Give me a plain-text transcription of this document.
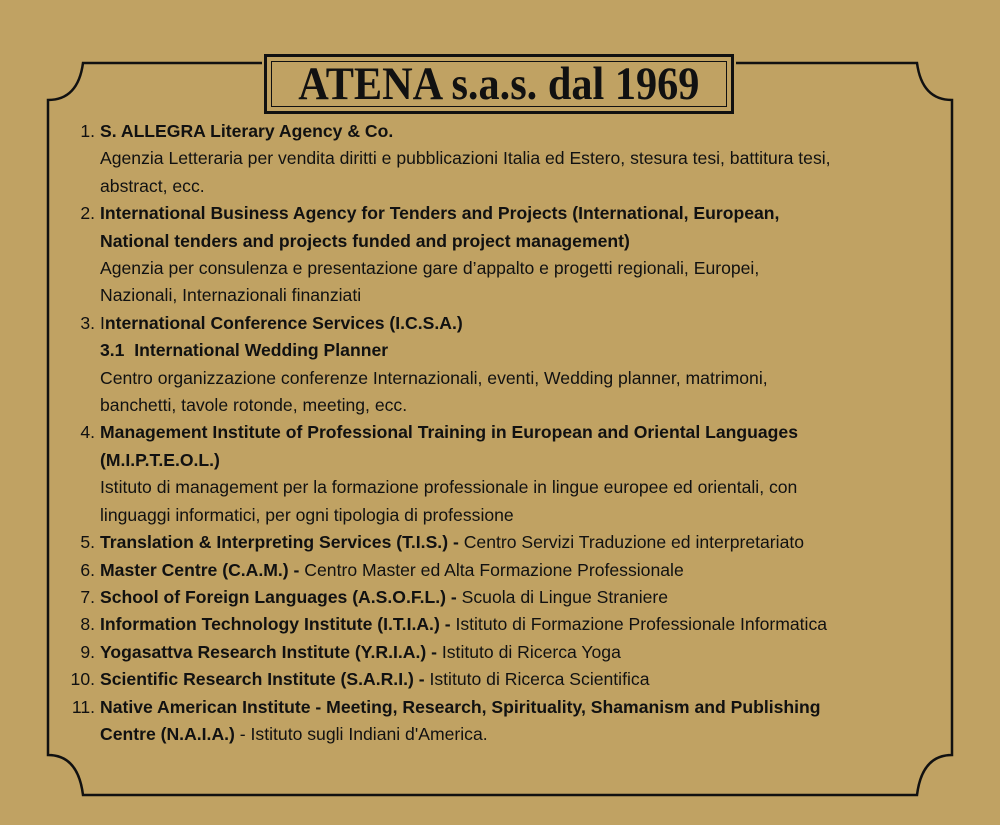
ATENA s.a.s. dal 1969
1. S. ALLEGRA Literary Agency & Co.
Agenzia Letteraria per vendita diritti e pubblicazioni Italia ed Estero, stesura tesi, battitura tesi,
abstract, ecc.
2. International Business Agency for Tenders and Projects (International, European,
National tenders and projects funded and project management)
Agenzia per consulenza e presentazione gare d’appalto e progetti regionali, Europei,
Nazionali, Internazionali finanziati
3. International Conference Services (I.C.S.A.)
3.1 International Wedding Planner
Centro organizzazione conferenze Internazionali, eventi, Wedding planner, matrimoni,
banchetti, tavole rotonde, meeting, ecc.
4. Management Institute of Professional Training in European and Oriental Languages
(M.I.P.T.E.O.L.)
Istituto di management per la formazione professionale in lingue europee ed orientali, con
linguaggi informatici, per ogni tipologia di professione
5. Translation & Interpreting Services (T.I.S.) - Centro Servizi Traduzione ed interpretariato
6. Master Centre (C.A.M.) - Centro Master ed Alta Formazione Professionale
7. School of Foreign Languages (A.S.O.F.L.) - Scuola di Lingue Straniere
8. Information Technology Institute (I.T.I.A.) - Istituto di Formazione Professionale Informatica
9. Yogasattva Research Institute (Y.R.I.A.) - Istituto di Ricerca Yoga
10. Scientific Research Institute (S.A.R.I.) - Istituto di Ricerca Scientifica
11. Native American Institute - Meeting, Research, Spirituality, Shamanism and Publishing
Centre (N.A.I.A.) - Istituto sugli Indiani d'America.
